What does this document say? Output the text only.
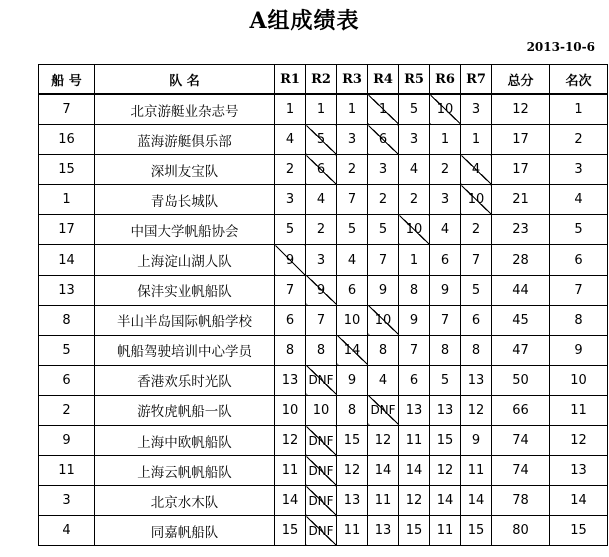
A组成绩表
2013-10-6
船 号	队 名	R1	R2	R3	R4	R5	R6	R7	总分	名次
7	北京游艇业杂志号	1	1	1	1	5	10	3	12	1
16	蓝海游艇俱乐部	4	5	3	6	3	1	1	17	2
15	深圳友宝队	2	6	2	3	4	2	4	17	3
1	青岛长城队	3	4	7	2	2	3	10	21	4
17	中国大学帆船协会	5	2	5	5	10	4	2	23	5
14	上海淀山湖人队	9	3	4	7	1	6	7	28	6
13	保沣实业帆船队	7	9	6	9	8	9	5	44	7
8	半山半岛国际帆船学校	6	7	10	10	9	7	6	45	8
5	帆船驾驶培训中心学员	8	8	14	8	7	8	8	47	9
6	香港欢乐时光队	13	DNF	9	4	6	5	13	50	10
2	游牧虎帆船一队	10	10	8	DNF	13	13	12	66	11
9	上海中欧帆船队	12	DNF	15	12	11	15	9	74	12
11	上海云帆帆船队	11	DNF	12	14	14	12	11	74	13
3	北京水木队	14	DNF	13	11	12	14	14	78	14
4	同嘉帆船队	15	DNF	11	13	15	11	15	80	15
